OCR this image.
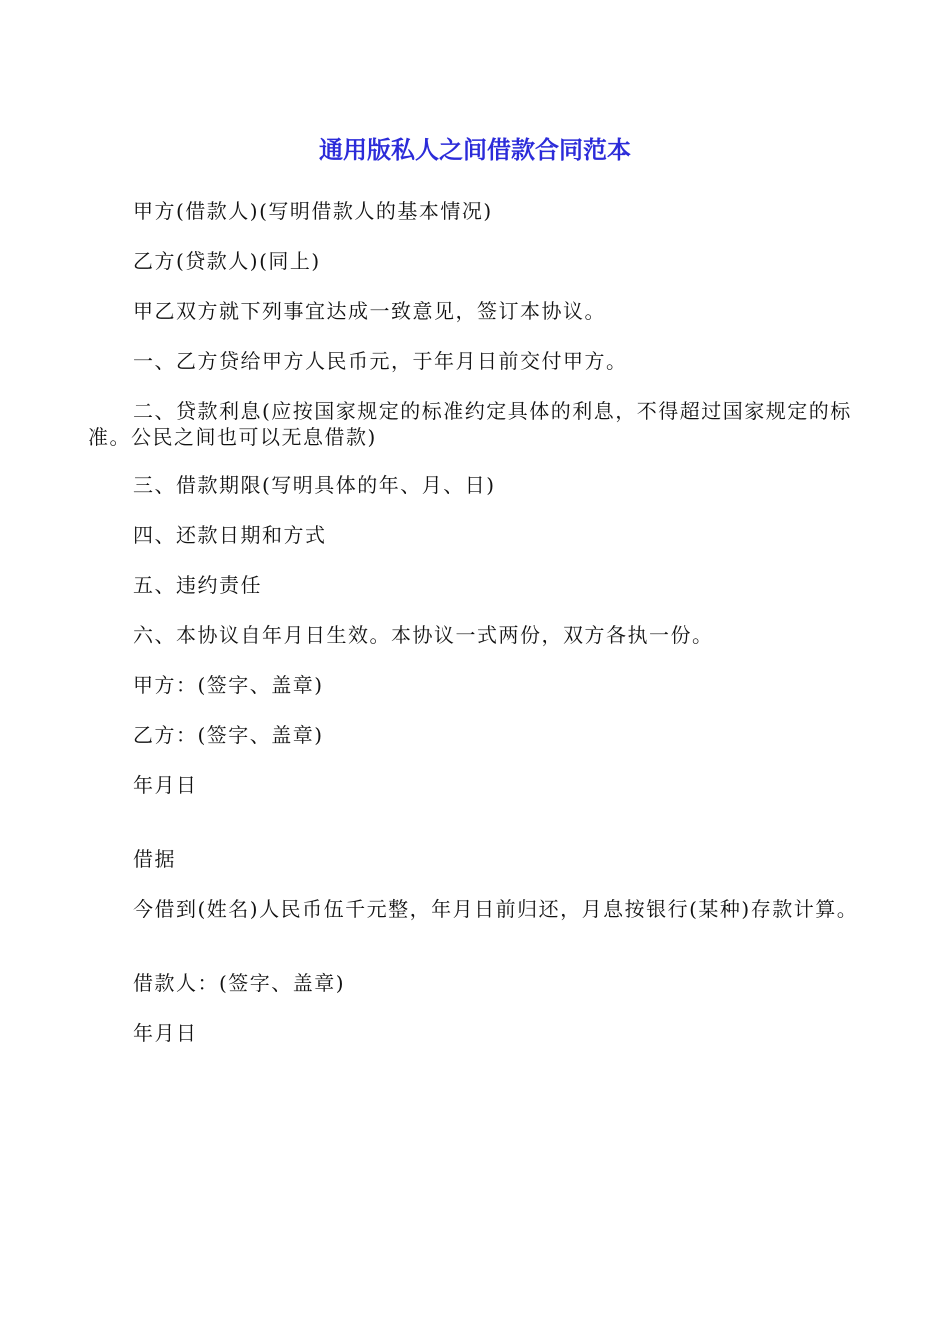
通用版私人之间借款合同范本
甲方(借款人)(写明借款人的基本情况)
乙方(贷款人)(同上)
甲乙双方就下列事宜达成一致意见，签订本协议。
一、乙方贷给甲方人民币元，于年月日前交付甲方。
二、贷款利息(应按国家规定的标准约定具体的利息，不得超过国家规定的标准。公民之间也可以无息借款)
三、借款期限(写明具体的年、月、日)
四、还款日期和方式
五、违约责任
六、本协议自年月日生效。本协议一式两份，双方各执一份。
甲方：(签字、盖章)
乙方：(签字、盖章)
年月日
借据
今借到(姓名)人民币伍千元整，年月日前归还，月息按银行(某种)存款计算。
借款人：(签字、盖章)
年月日
